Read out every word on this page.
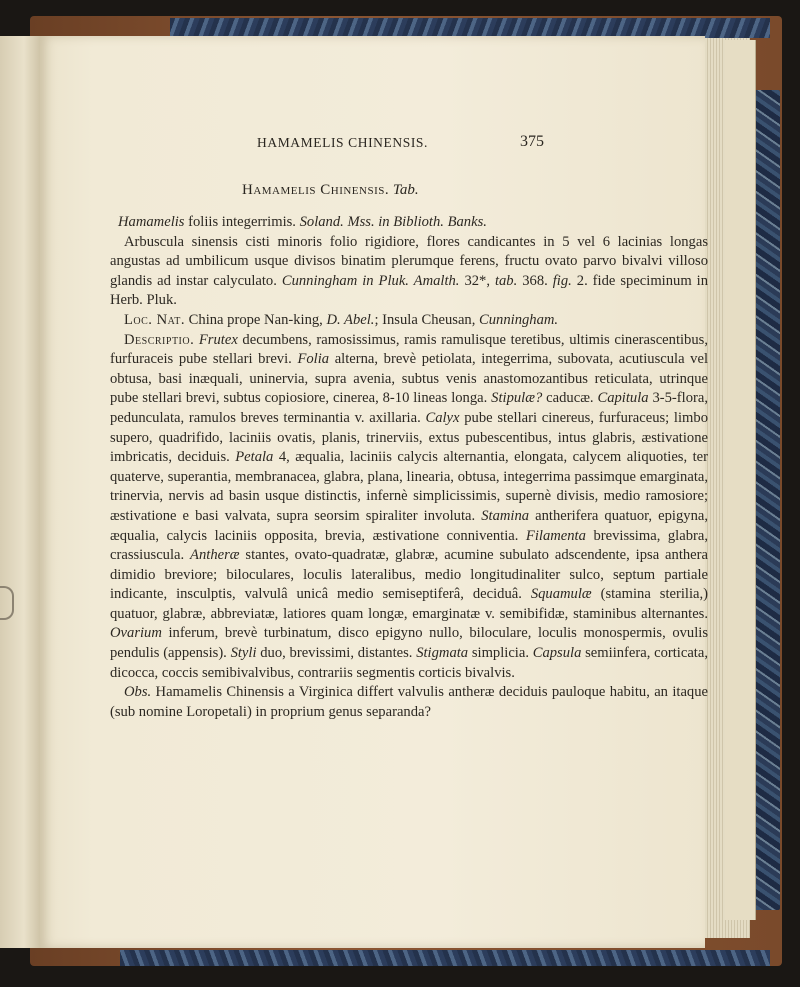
HAMAMELIS CHINENSIS.	375
Hamamelis Chinensis. Tab.

Hamamelis foliis integerrimis. Soland. Mss. in Biblioth. Banks.

Arbuscula sinensis cisti minoris folio rigidiore, flores candicantes in 5 vel 6 lacinias longas angustas ad umbilicum usque divisos binatim plerumque ferens, fructu ovato parvo bivalvi villoso glandis ad instar calyculato. Cunningham in Pluk. Amalth. 32*, tab. 368. fig. 2. fide speciminum in Herb. Pluk.

Loc. Nat. China prope Nan-king, D. Abel.; Insula Cheusan, Cunningham.

Descriptio. Frutex decumbens, ramosissimus, ramis ramulisque teretibus, ultimis cinerascentibus, furfuraceis pube stellari brevi. Folia alterna, brevè petiolata, integerrima, subovata, acutiuscula vel obtusa, basi inæquali, uninervia, supra avenia, subtus venis anastomozantibus reticulata, utrinque pube stellari brevi, subtus copiosiore, cinerea, 8-10 lineas longa. Stipulæ? caducæ. Capitula 3-5-flora, pedunculata, ramulos breves terminantia v. axillaria. Calyx pube stellari cinereus, furfuraceus; limbo supero, quadrifido, laciniis ovatis, planis, trinerviis, extus pubescentibus, intus glabris, æstivatione imbricatis, deciduis. Petala 4, æqualia, laciniis calycis alternantia, elongata, calycem aliquoties, ter quaterve, superantia, membranacea, glabra, plana, linearia, obtusa, integerrima passimque emarginata, trinervia, nervis ad basin usque distinctis, infernè simplicissimis, supernè divisis, medio ramosiore; æstivatione e basi valvata, supra seorsim spiraliter involuta. Stamina antherifera quatuor, epigyna, æqualia, calycis laciniis opposita, brevia, æstivatione conniventia. Filamenta brevissima, glabra, crassiuscula. Antheræ stantes, ovato-quadratæ, glabræ, acumine subulato adscendente, ipsa anthera dimidio breviore; biloculares, loculis lateralibus, medio longitudinaliter sulco, septum partiale indicante, insculptis, valvulâ unicâ medio semiseptiferâ, deciduâ. Squamulæ (stamina sterilia,) quatuor, glabræ, abbreviatæ, latiores quam longæ, emarginatæ v. semibifidæ, staminibus alternantes. Ovarium inferum, brevè turbinatum, disco epigyno nullo, biloculare, loculis monospermis, ovulis pendulis (appensis). Styli duo, brevissimi, distantes. Stigmata simplicia. Capsula semiinfera, corticata, dicocca, coccis semibivalvibus, contrariis segmentis corticis bivalvis.

Obs. Hamamelis Chinensis a Virginica differt valvulis antheræ deciduis pauloque habitu, an itaque (sub nomine Loropetali) in proprium genus separanda?
